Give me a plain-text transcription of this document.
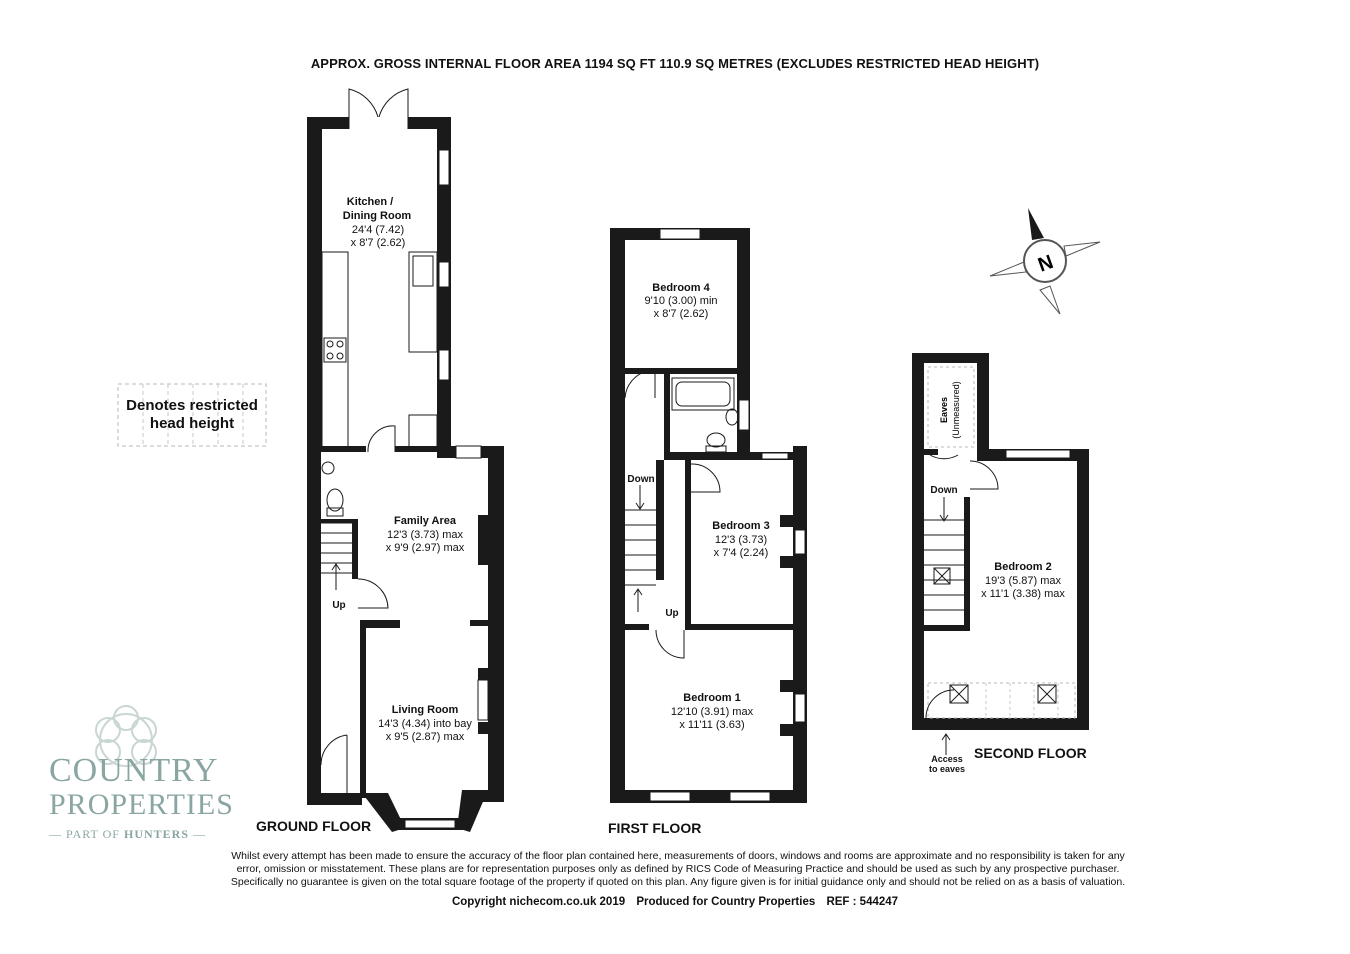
APPROX. GROSS INTERNAL FLOOR AREA 1194 SQ FT 110.9 SQ METRES (EXCLUDES RESTRICTED HEAD HEIGHT)
N
Kitchen /
Dining Room
24'4 (7.42)
x 8'7 (2.62)
Family Area
12'3 (3.73) max
x 9'9 (2.97) max
Living Room
14'3 (4.34) into bay
x 9'5 (2.87) max
Up
Bedroom 4
9'10 (3.00) min
x 8'7 (2.62)
Bedroom 3
12'3 (3.73)
x 7'4 (2.24)
Bedroom 1
12'10 (3.91) max
x 11'11 (3.63)
Down
Up
Bedroom 2
19'3 (5.87) max
x 11'1 (3.38) max
Down
Access
to eaves
Eaves (Unmeasured)
Denotes restricted
head height
COUNTRY
PROPERTIES
— PART OF HUNTERS —	GROUND FLOOR	FIRST FLOOR
SECOND FLOOR
Whilst every attempt has been made to ensure the accuracy of the floor plan contained here, measurements of doors, windows and rooms are approximate and no responsibility is taken for any
error, omission or misstatement. These plans are for representation purposes only as defined by RICS Code of Measuring Practice and should be used as such by any prospective purchaser.
Specifically no guarantee is given on the total square footage of the property if quoted on this plan. Any figure given is for initial guidance only and should not be relied on as a basis of valuation.
Copyright nichecom.co.uk 2019 Produced for Country Properties REF : 544247
